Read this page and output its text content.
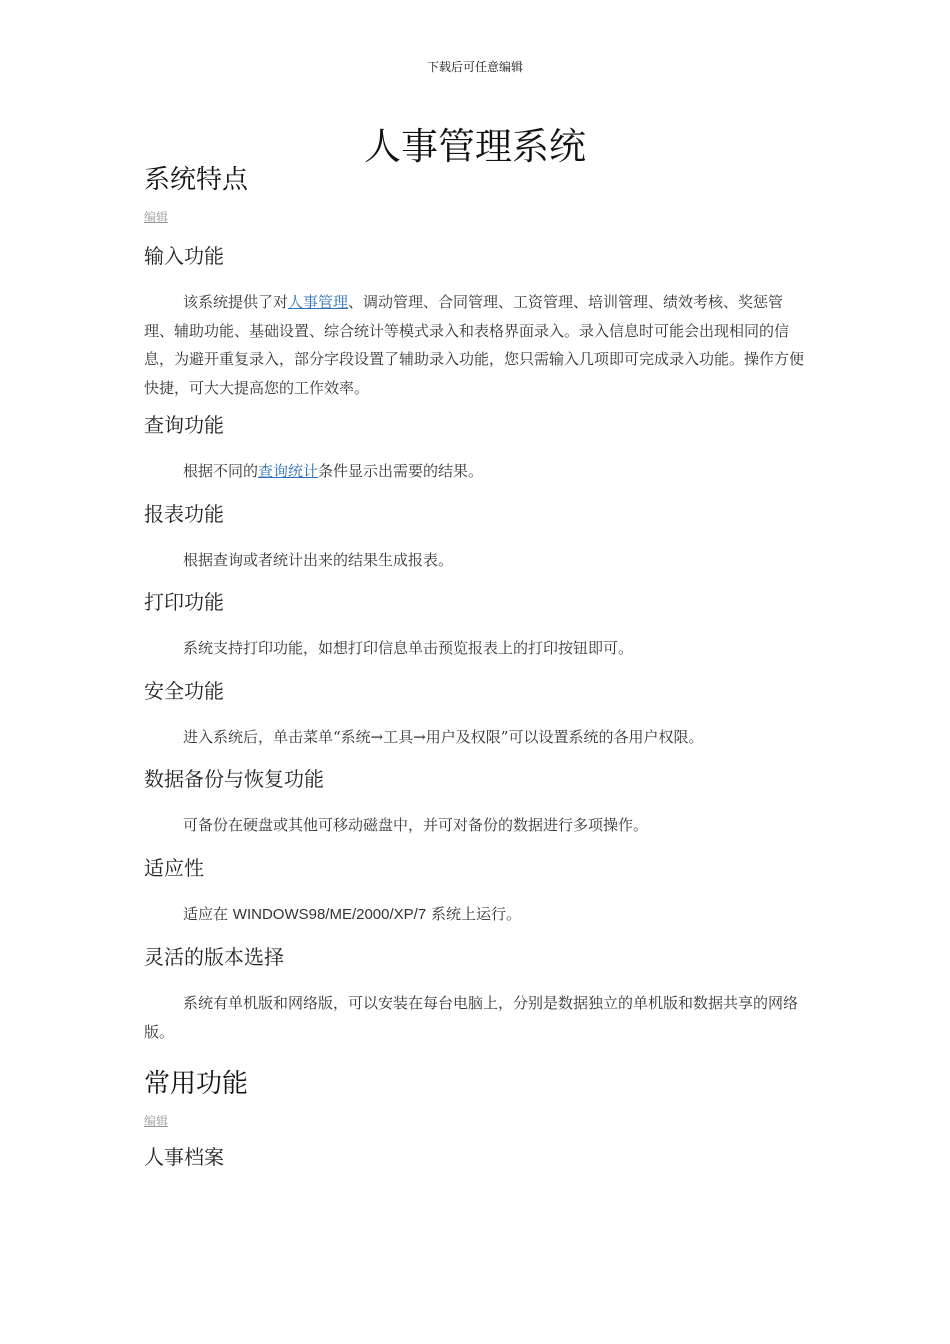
下载后可任意编辑
人事管理系统
系统特点
编辑
输入功能

该系统提供了对人事管理、调动管理、合同管理、工资管理、培训管理、绩效考核、奖惩管理、辅助功能、基础设置、综合统计等模式录入和表格界面录入。录入信息时可能会出现相同的信息，为避开重复录入，部分字段设置了辅助录入功能，您只需输入几项即可完成录入功能。操作方便快捷，可大大提高您的工作效率。

查询功能

根据不同的查询统计条件显示出需要的结果。

报表功能

根据查询或者统计出来的结果生成报表。

打印功能

系统支持打印功能，如想打印信息单击预览报表上的打印按钮即可。

安全功能

进入系统后，单击菜单“系统→工具→用户及权限”可以设置系统的各用户权限。

数据备份与恢复功能

可备份在硬盘或其他可移动磁盘中，并可对备份的数据进行多项操作。

适应性

适应在 WINDOWS98/ME/2000/XP/7 系统上运行。

灵活的版本选择

系统有单机版和网络版，可以安装在每台电脑上，分别是数据独立的单机版和数据共享的网络版。

常用功能
编辑
人事档案
